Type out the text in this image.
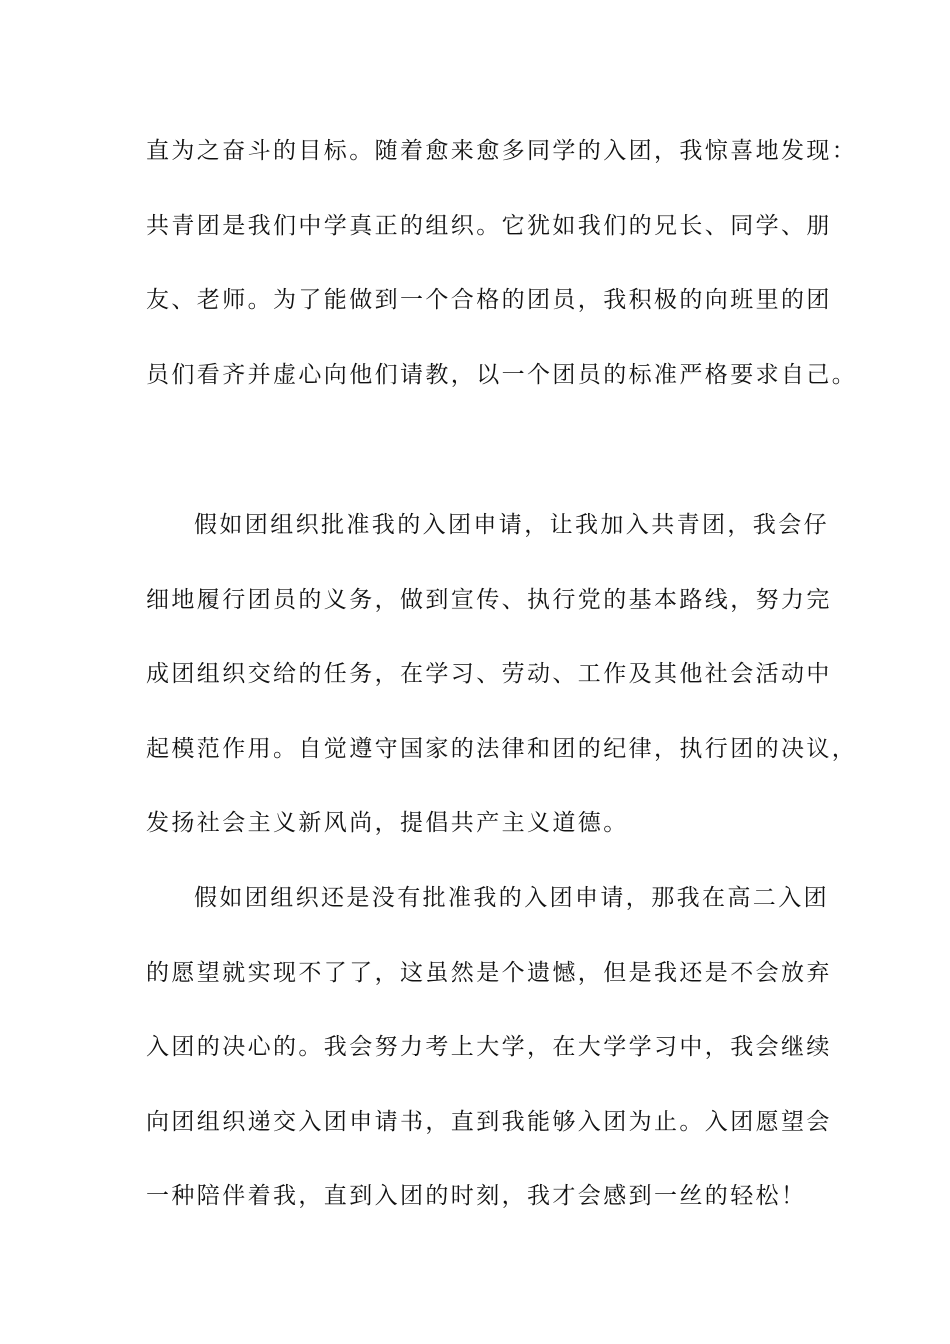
直为之奋斗的目标。随着愈来愈多同学的入团，我惊喜地发现：
共青团是我们中学真正的组织。它犹如我们的兄长、同学、朋
友、老师。为了能做到一个合格的团员，我积极的向班里的团
员们看齐并虚心向他们请教，以一个团员的标准严格要求自己。
假如团组织批准我的入团申请，让我加入共青团，我会仔
细地履行团员的义务，做到宣传、执行党的基本路线，努力完
成团组织交给的任务，在学习、劳动、工作及其他社会活动中
起模范作用。自觉遵守国家的法律和团的纪律，执行团的决议，
发扬社会主义新风尚，提倡共产主义道德。
假如团组织还是没有批准我的入团申请，那我在高二入团
的愿望就实现不了了，这虽然是个遗憾，但是我还是不会放弃
入团的决心的。我会努力考上大学，在大学学习中，我会继续
向团组织递交入团申请书，直到我能够入团为止。入团愿望会
一种陪伴着我，直到入团的时刻，我才会感到一丝的轻松！
